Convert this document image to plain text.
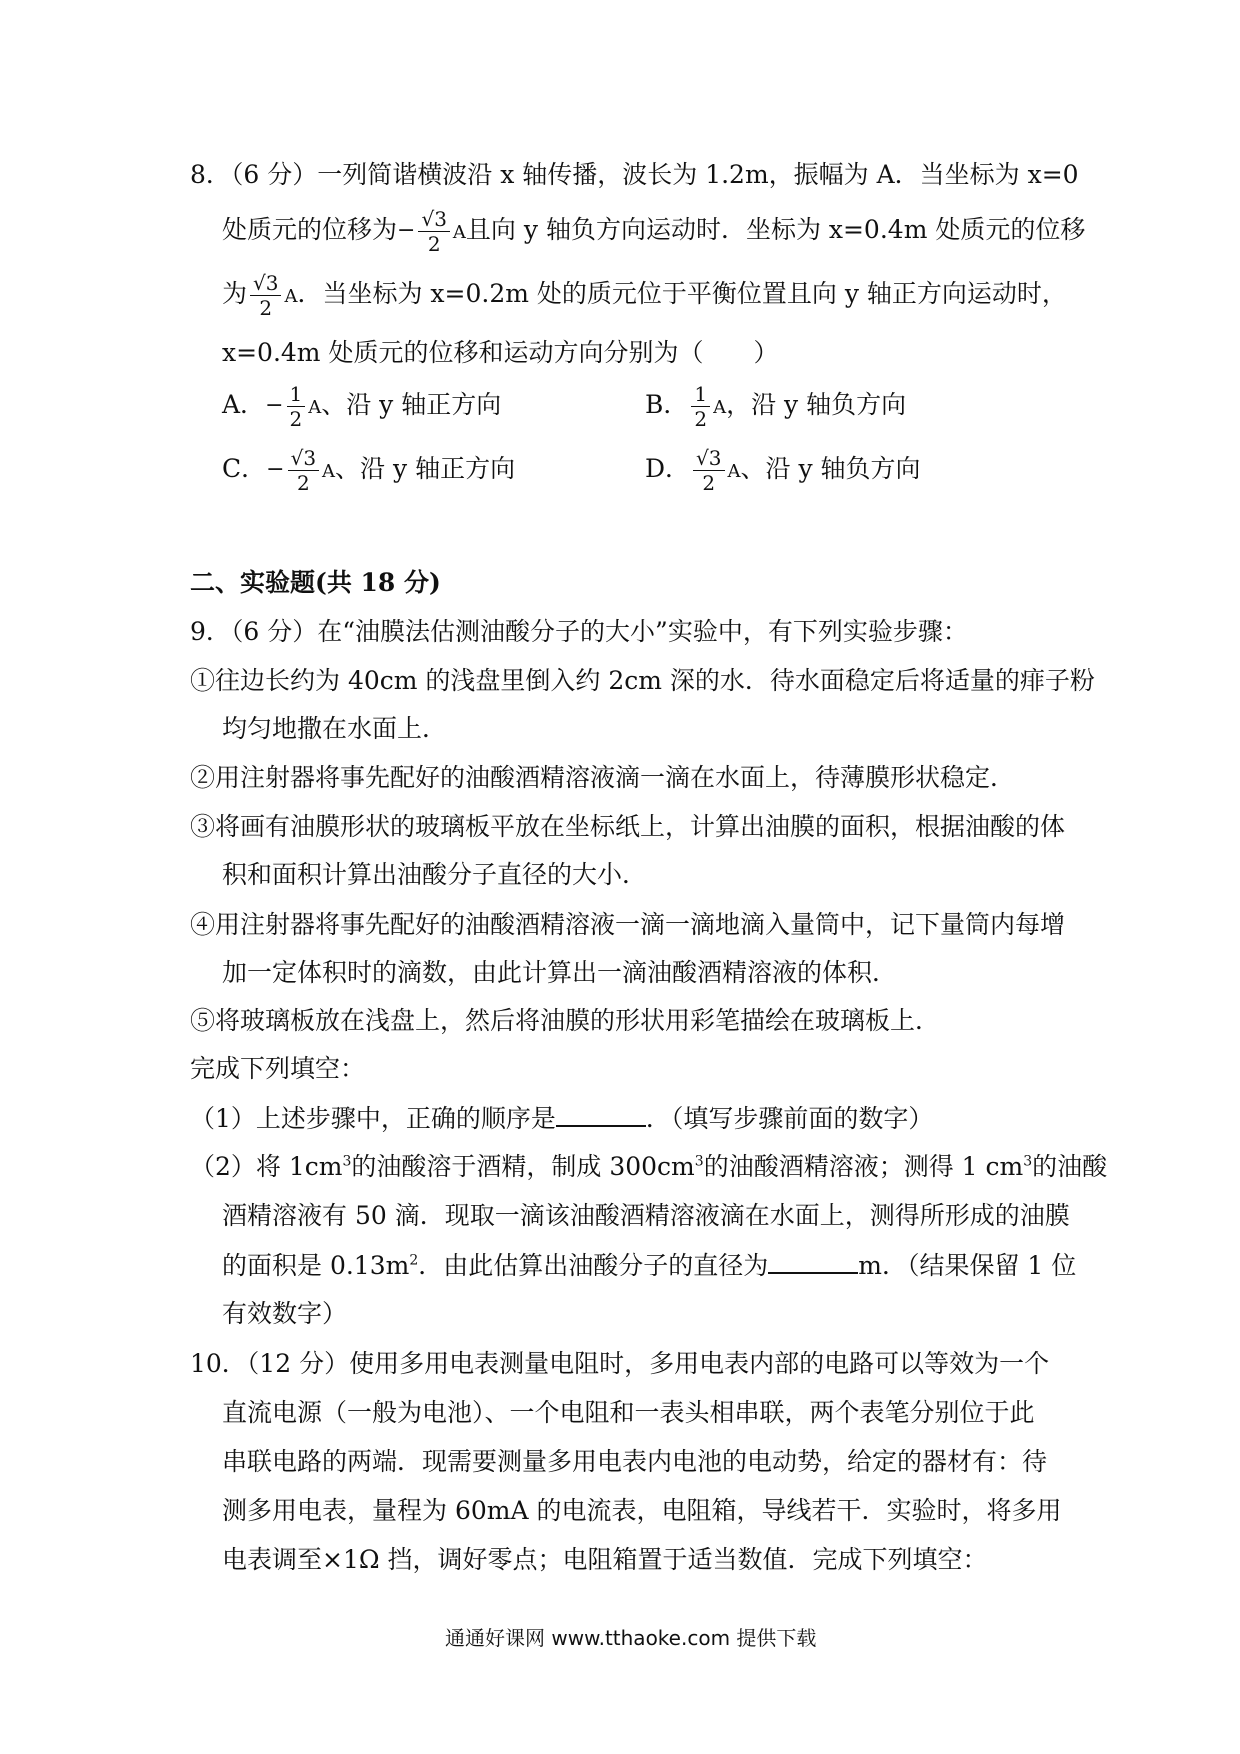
8．（6 分）一列简谐横波沿 x 轴传播，波长为 1.2m，振幅为 A．当坐标为 x=0
处质元的位移为− $\frac{√3}{2}$ A且向 y 轴负方向运动时．坐标为 x=0.4m 处质元的位移
为 $\frac{√3}{2}$ A．当坐标为 x=0.2m 处的质元位于平衡位置且向 y 轴正方向运动时，
x=0.4m 处质元的位移和运动方向分别为（　　）
A．− $\frac{1}{2}$ A、沿 y 轴正方向	B． $\frac{1}{2}$ A，沿 y 轴负方向
C．− $\frac{√3}{2}$ A、沿 y 轴正方向	D． $\frac{√3}{2}$ A、沿 y 轴负方向
二、实验题(共 18 分)
9．（6 分）在“油膜法估测油酸分子的大小”实验中，有下列实验步骤：
①往边长约为 40cm 的浅盘里倒入约 2cm 深的水．待水面稳定后将适量的痱子粉
均匀地撒在水面上．
②用注射器将事先配好的油酸酒精溶液滴一滴在水面上，待薄膜形状稳定．
③将画有油膜形状的玻璃板平放在坐标纸上，计算出油膜的面积，根据油酸的体
积和面积计算出油酸分子直径的大小．
④用注射器将事先配好的油酸酒精溶液一滴一滴地滴入量筒中，记下量筒内每增
加一定体积时的滴数，由此计算出一滴油酸酒精溶液的体积．
⑤将玻璃板放在浅盘上，然后将油膜的形状用彩笔描绘在玻璃板上．
完成下列填空：
（1）上述步骤中，正确的顺序是	．（填写步骤前面的数字）
（2）将 $1cm^3$的油酸溶于酒精，制成 $300cm^3$的油酸酒精溶液；测得 1 $cm^3$的油酸
酒精溶液有 50 滴．现取一滴该油酸酒精溶液滴在水面上，测得所形成的油膜
的面积是 $0.13m^2$．由此估算出油酸分子的直径为	m．（结果保留 1 位
有效数字）
10．（12 分）使用多用电表测量电阻时，多用电表内部的电路可以等效为一个
直流电源（一般为电池）、一个电阻和一表头相串联，两个表笔分别位于此
串联电路的两端．现需要测量多用电表内电池的电动势，给定的器材有：待
测多用电表，量程为 60mA 的电流表，电阻箱，导线若干．实验时，将多用
电表调至×1Ω 挡，调好零点；电阻箱置于适当数值．完成下列填空：
通通好课网 www.tthaoke.com 提供下载
